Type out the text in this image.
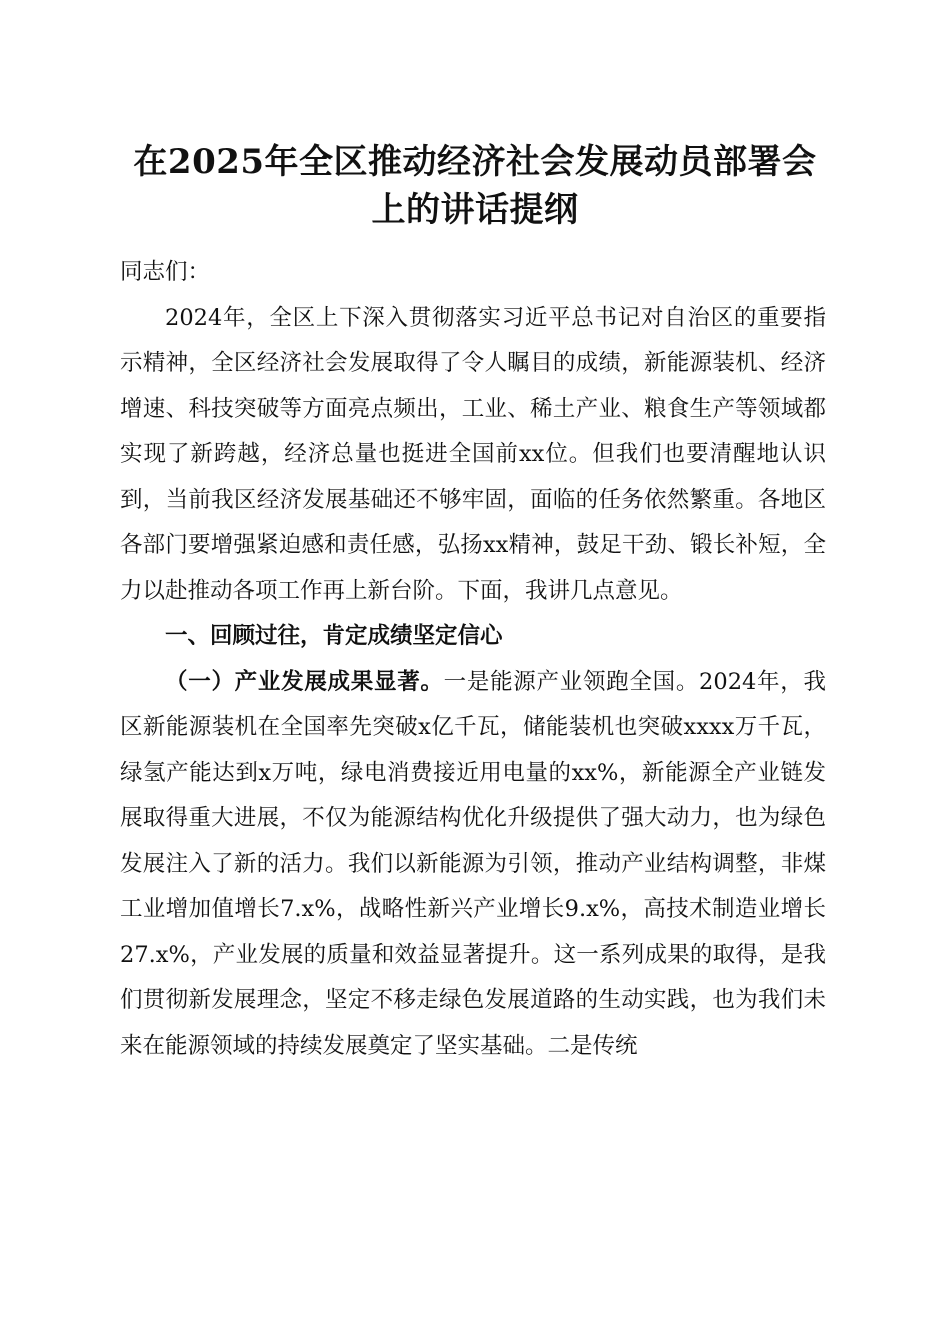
在2025年全区推动经济社会发展动员部署会
上的讲话提纲

同志们：

2024年，全区上下深入贯彻落实习近平总书记对自治区的重要指示精神，全区经济社会发展取得了令人瞩目的成绩，新能源装机、经济增速、科技突破等方面亮点频出，工业、稀土产业、粮食生产等领域都实现了新跨越，经济总量也挺进全国前xx位。但我们也要清醒地认识到，当前我区经济发展基础还不够牢固，面临的任务依然繁重。各地区各部门要增强紧迫感和责任感，弘扬xx精神，鼓足干劲、锻长补短，全力以赴推动各项工作再上新台阶。下面，我讲几点意见。

一、回顾过往，肯定成绩坚定信心

（一）产业发展成果显著。一是能源产业领跑全国。2024年，我区新能源装机在全国率先突破x亿千瓦，储能装机也突破xxxx万千瓦，绿氢产能达到x万吨，绿电消费接近用电量的xx%，新能源全产业链发展取得重大进展，不仅为能源结构优化升级提供了强大动力，也为绿色发展注入了新的活力。我们以新能源为引领，推动产业结构调整，非煤工业增加值增长7.x%，战略性新兴产业增长9.x%，高技术制造业增长27.x%，产业发展的质量和效益显著提升。这一系列成果的取得，是我们贯彻新发展理念，坚定不移走绿色发展道路的生动实践，也为我们未来在能源领域的持续发展奠定了坚实基础。二是传统
